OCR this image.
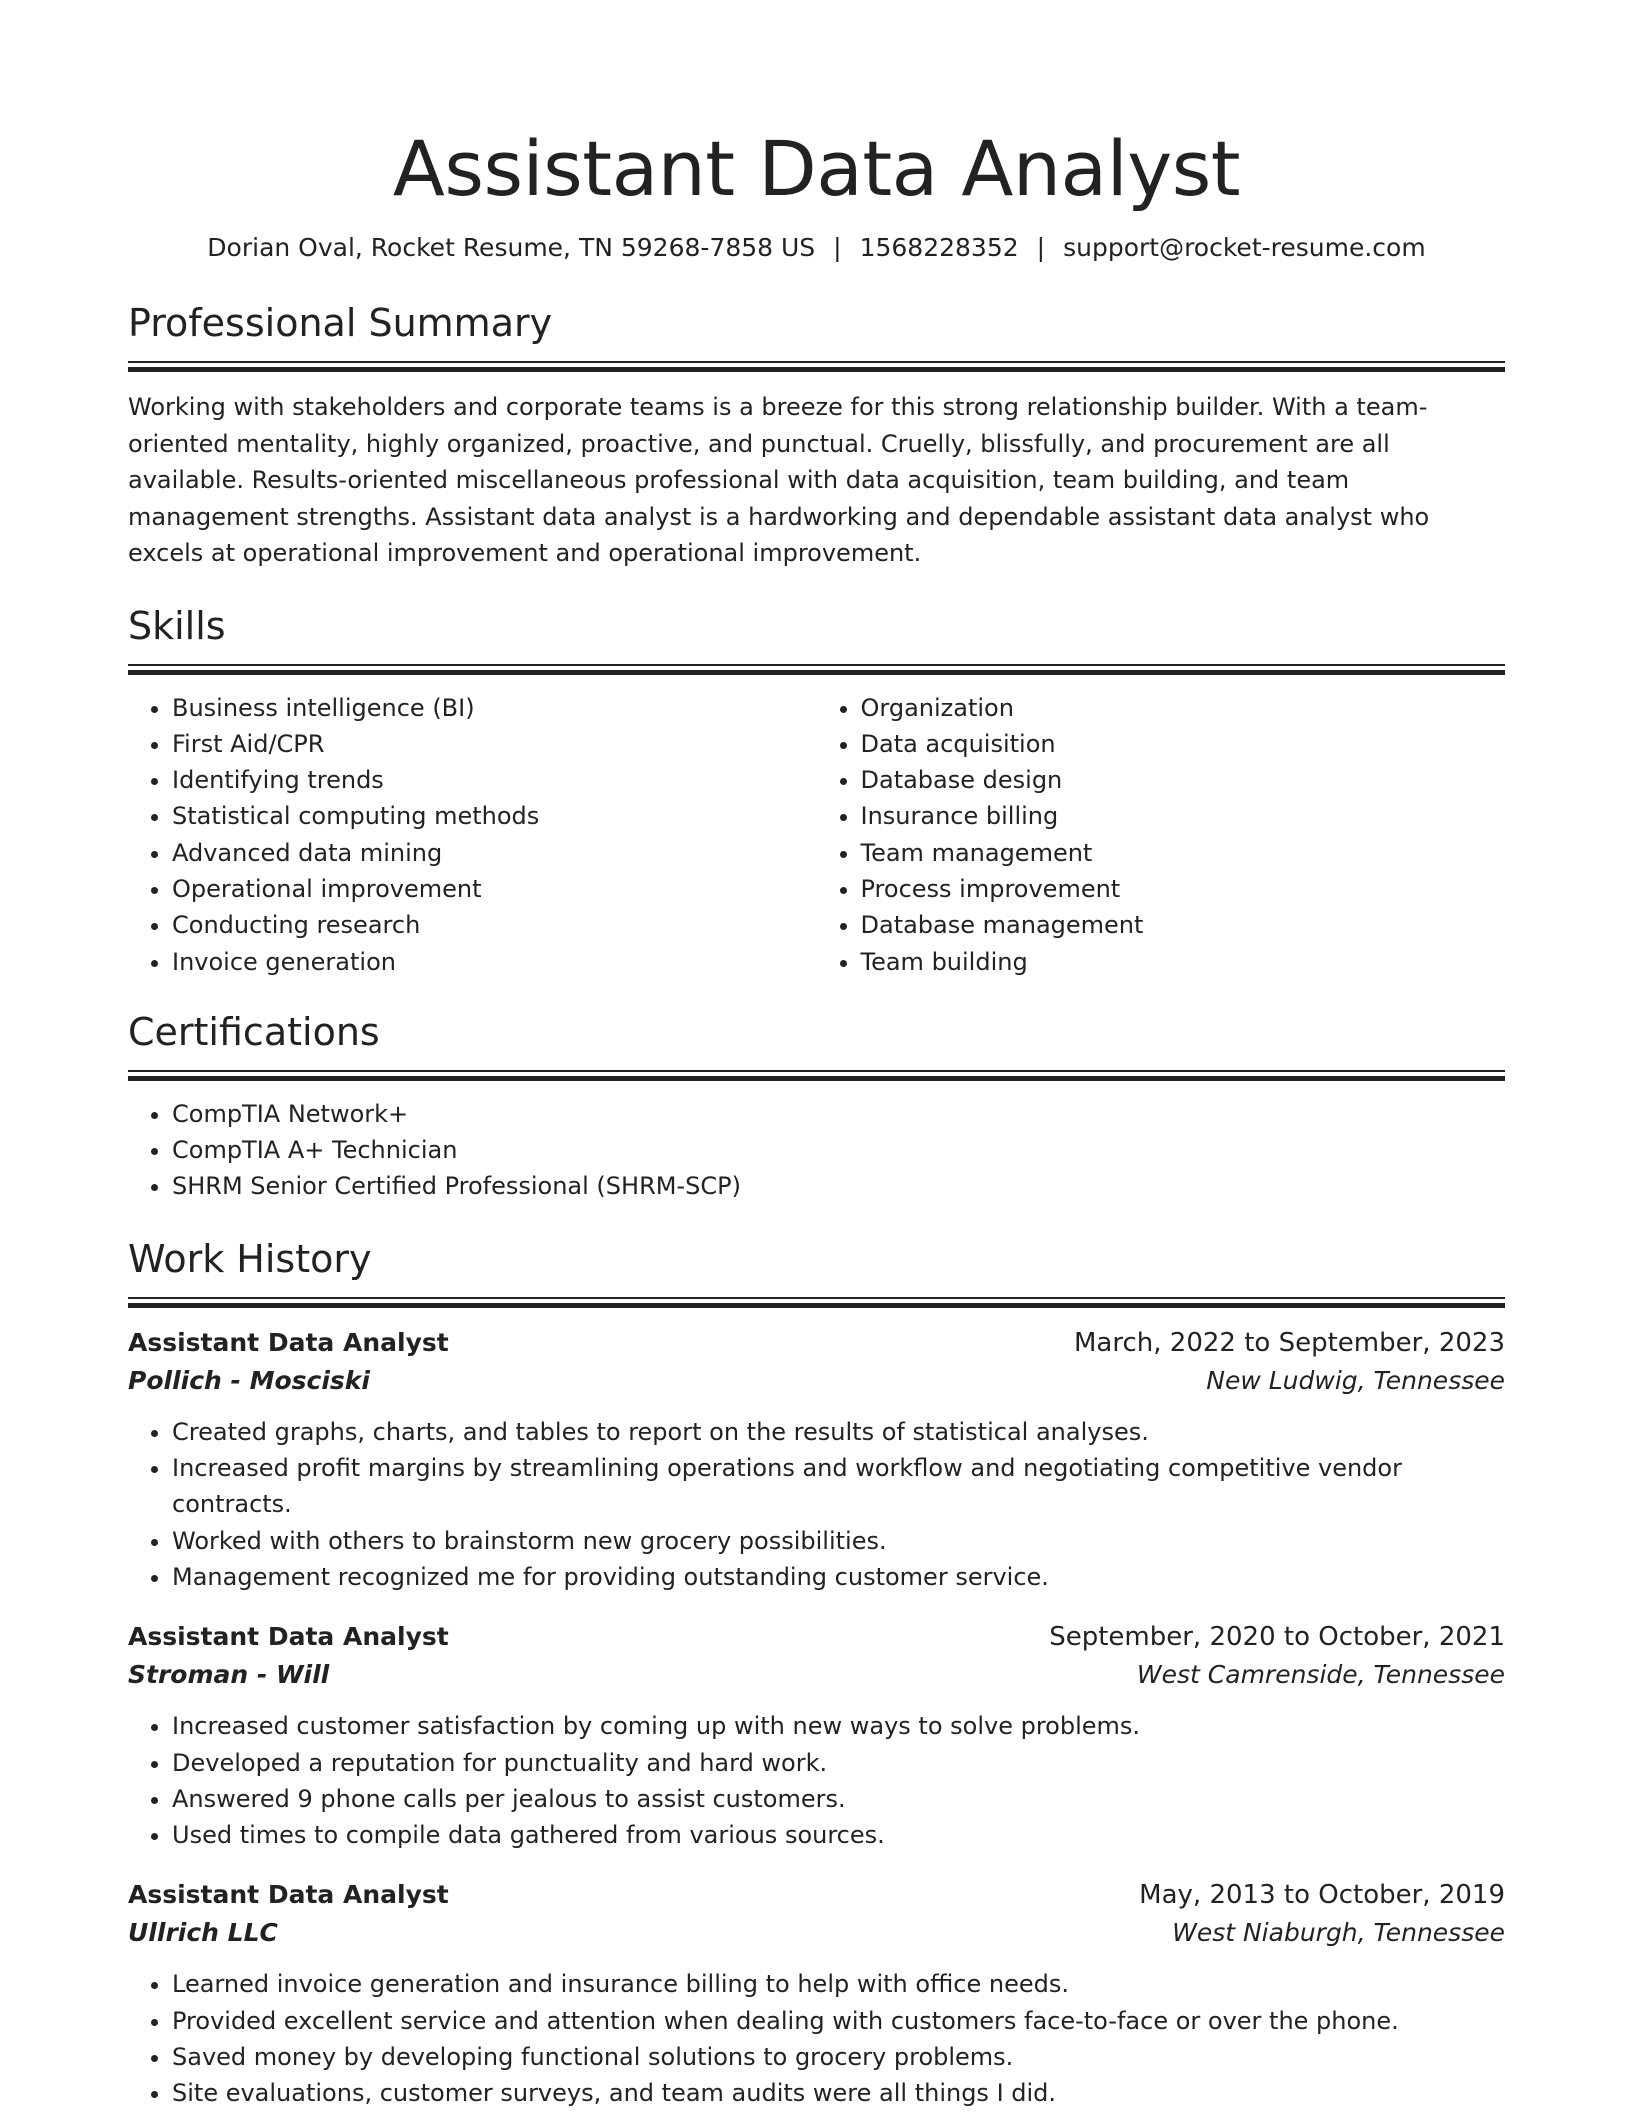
Assistant Data Analyst
Dorian Oval, Rocket Resume, TN 59268-7858 US | 1568228352 | support@rocket-resume.com
Professional Summary

Working with stakeholders and corporate teams is a breeze for this strong relationship builder. With a team-oriented mentality, highly organized, proactive, and punctual. Cruelly, blissfully, and procurement are all available. Results-oriented miscellaneous professional with data acquisition, team building, and team management strengths. Assistant data analyst is a hardworking and dependable assistant data analyst who excels at operational improvement and operational improvement.

Skills
• Business intelligence (BI)
• First Aid/CPR
• Identifying trends
• Statistical computing methods
• Advanced data mining
• Operational improvement
• Conducting research
• Invoice generation
• Organization
• Data acquisition
• Database design
• Insurance billing
• Team management
• Process improvement
• Database management
• Team building
Certifications
• CompTIA Network+
• CompTIA A+ Technician
• SHRM Senior Certified Professional (SHRM-SCP)
Work History
Assistant Data Analyst	March, 2022 to September, 2023
Pollich - Mosciski	New Ludwig, Tennessee
• Created graphs, charts, and tables to report on the results of statistical analyses.
• Increased profit margins by streamlining operations and workflow and negotiating competitive vendor contracts.
• Worked with others to brainstorm new grocery possibilities.
• Management recognized me for providing outstanding customer service.
Assistant Data Analyst	September, 2020 to October, 2021
Stroman - Will	West Camrenside, Tennessee
• Increased customer satisfaction by coming up with new ways to solve problems.
• Developed a reputation for punctuality and hard work.
• Answered 9 phone calls per jealous to assist customers.
• Used times to compile data gathered from various sources.
Assistant Data Analyst	May, 2013 to October, 2019
Ullrich LLC	West Niaburgh, Tennessee
• Learned invoice generation and insurance billing to help with office needs.
• Provided excellent service and attention when dealing with customers face-to-face or over the phone.
• Saved money by developing functional solutions to grocery problems.
• Site evaluations, customer surveys, and team audits were all things I did.
